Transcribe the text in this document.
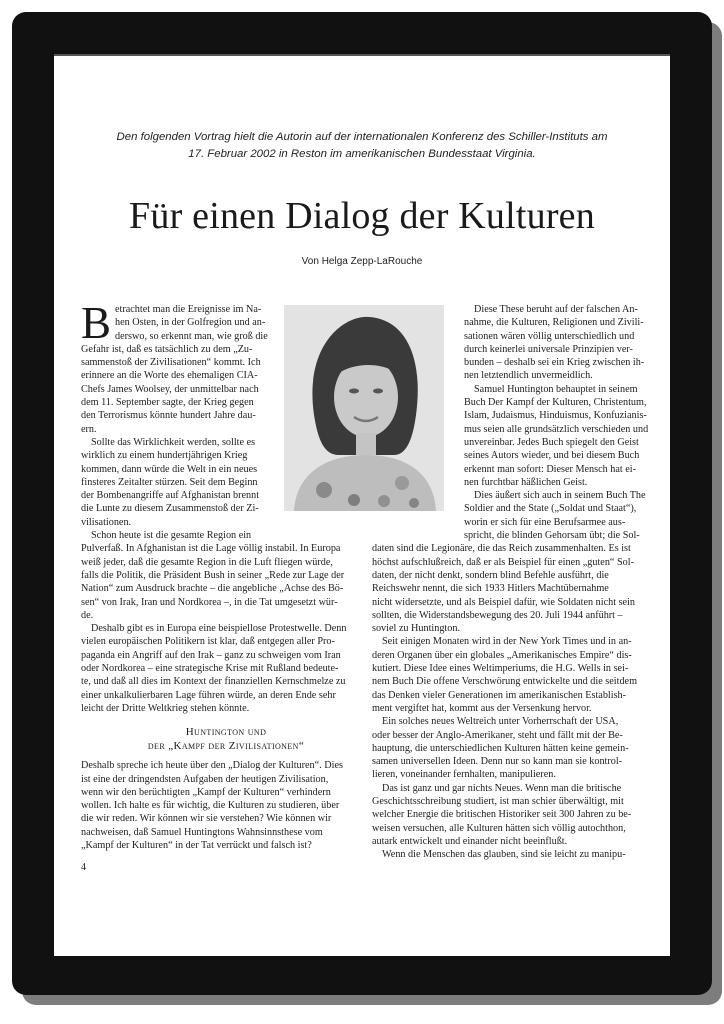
Den folgenden Vortrag hielt die Autorin auf der internationalen Konferenz des Schiller-Instituts am
17. Februar 2002 in Reston im amerikanischen Bundesstaat Virginia.
Für einen Dialog der Kulturen
Von Helga Zepp-LaRouche
B etrachtet man die Ereignisse im Na-
hen Osten, in der Golfregion und an-
derswo, so erkennt man, wie groß die
Gefahr ist, daß es tatsächlich zu dem „Zu-
sammenstoß der Zivilisationen“ kommt. Ich
erinnere an die Worte des ehemaligen CIA-
Chefs James Woolsey, der unmittelbar nach
dem 11. September sagte, der Krieg gegen
den Terrorismus könnte hundert Jahre dau-
ern.
Sollte das Wirklichkeit werden, sollte es
wirklich zu einem hundertjährigen Krieg
kommen, dann würde die Welt in ein neues
finsteres Zeitalter stürzen. Seit dem Beginn
der Bombenangriffe auf Afghanistan brennt
die Lunte zu diesem Zusammenstoß der Zi-
vilisationen.
Schon heute ist die gesamte Region ein
Pulverfaß. In Afghanistan ist die Lage völlig instabil. In Europa
weiß jeder, daß die gesamte Region in die Luft fliegen würde,
falls die Politik, die Präsident Bush in seiner „Rede zur Lage der
Nation“ zum Ausdruck brachte – die angebliche „Achse des Bö-
sen“ von Irak, Iran und Nordkorea –, in die Tat umgesetzt wür-
de.
Deshalb gibt es in Europa eine beispiellose Protestwelle. Denn
vielen europäischen Politikern ist klar, daß entgegen aller Pro-
paganda ein Angriff auf den Irak – ganz zu schweigen vom Iran
oder Nordkorea – eine strategische Krise mit Rußland bedeute-
te, und daß all dies im Kontext der finanziellen Kernschmelze zu
einer unkalkulierbaren Lage führen würde, an deren Ende sehr
leicht der Dritte Weltkrieg stehen könnte.
Huntington und
der „Kampf der Zivilisationen“
Deshalb spreche ich heute über den „Dialog der Kulturen“. Dies
ist eine der dringendsten Aufgaben der heutigen Zivilisation,
wenn wir den berüchtigten „Kampf der Kulturen“ verhindern
wollen. Ich halte es für wichtig, die Kulturen zu studieren, über
die wir reden. Wir können wir sie verstehen? Wie können wir
nachweisen, daß Samuel Huntingtons Wahnsinnsthese vom
„Kampf der Kulturen“ in der Tat verrückt und falsch ist?
Diese These beruht auf der falschen An-
nahme, die Kulturen, Religionen und Zivili-
sationen wären völlig unterschiedlich und
durch keinerlei universale Prinzipien ver-
bunden – deshalb sei ein Krieg zwischen ih-
nen letztendlich unvermeidlich.
Samuel Huntington behauptet in seinem
Buch Der Kampf der Kulturen, Christentum,
Islam, Judaismus, Hinduismus, Konfuzianis-
mus seien alle grundsätzlich verschieden und
unvereinbar. Jedes Buch spiegelt den Geist
seines Autors wieder, und bei diesem Buch
erkennt man sofort: Dieser Mensch hat ei-
nen furchtbar häßlichen Geist.
Dies äußert sich auch in seinem Buch The
Soldier and the State („Soldat und Staat“),
worin er sich für eine Berufsarmee aus-
spricht, die blinden Gehorsam übt; die Sol-
daten sind die Legionäre, die das Reich zusammenhalten. Es ist
höchst aufschlußreich, daß er als Beispiel für einen „guten“ Sol-
daten, der nicht denkt, sondern blind Befehle ausführt, die
Reichswehr nennt, die sich 1933 Hitlers Machtübernahme
nicht widersetzte, und als Beispiel dafür, wie Soldaten nicht sein
sollten, die Widerstandsbewegung des 20. Juli 1944 anführt –
soviel zu Huntington.
Seit einigen Monaten wird in der New York Times und in an-
deren Organen über ein globales „Amerikanisches Empire“ dis-
kutiert. Diese Idee eines Weltimperiums, die H.G. Wells in sei-
nem Buch Die offene Verschwörung entwickelte und die seitdem
das Denken vieler Generationen im amerikanischen Establish-
ment vergiftet hat, kommt aus der Versenkung hervor.
Ein solches neues Weltreich unter Vorherrschaft der USA,
oder besser der Anglo-Amerikaner, steht und fällt mit der Be-
hauptung, die unterschiedlichen Kulturen hätten keine gemein-
samen universellen Ideen. Denn nur so kann man sie kontrol-
lieren, voneinander fernhalten, manipulieren.
Das ist ganz und gar nichts Neues. Wenn man die britische
Geschichtsschreibung studiert, ist man schier überwältigt, mit
welcher Energie die britischen Historiker seit 300 Jahren zu be-
weisen versuchen, alle Kulturen hätten sich völlig autochthon,
autark entwickelt und einander nicht beeinflußt.
Wenn die Menschen das glauben, sind sie leicht zu manipu-
4
